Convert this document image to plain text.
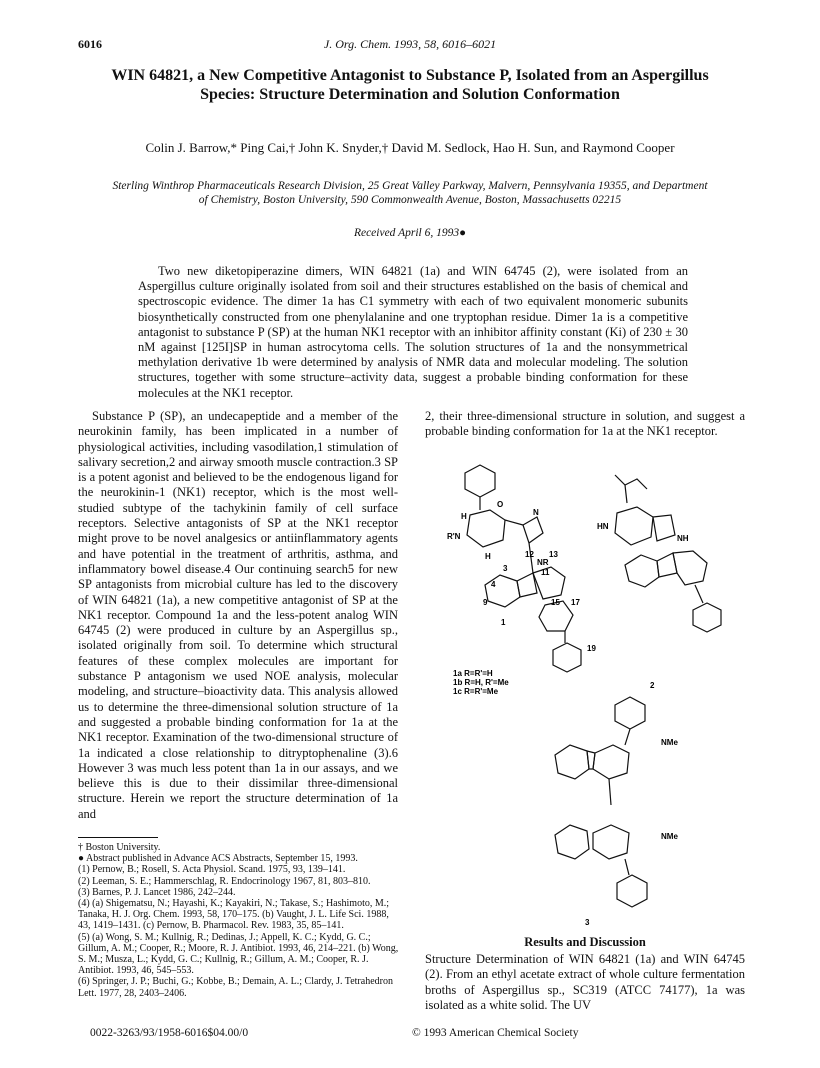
6016	J. Org. Chem. 1993, 58, 6016–6021
WIN 64821, a New Competitive Antagonist to Substance P, Isolated from an Aspergillus Species: Structure Determination and Solution Conformation
Colin J. Barrow,* Ping Cai,† John K. Snyder,† David M. Sedlock, Hao H. Sun, and Raymond Cooper
Sterling Winthrop Pharmaceuticals Research Division, 25 Great Valley Parkway, Malvern, Pennsylvania 19355, and Department of Chemistry, Boston University, 590 Commonwealth Avenue, Boston, Massachusetts 02215
Received April 6, 1993●
Two new diketopiperazine dimers, WIN 64821 (1a) and WIN 64745 (2), were isolated from an Aspergillus culture originally isolated from soil and their structures established on the basis of chemical and spectroscopic evidence. The dimer 1a has C1 symmetry with each of two equivalent monomeric subunits biosynthetically constructed from one phenylalanine and one tryptophan residue. Dimer 1a is a competitive antagonist to substance P (SP) at the human NK1 receptor with an inhibitor affinity constant (Ki) of 230 ± 30 nM against [125I]SP in human astrocytoma cells. The solution structures of 1a and the nonsymmetrical methylation derivative 1b were determined by analysis of NMR data and molecular modeling. The solution structures, together with some structure–activity data, suggest a probable binding conformation for these molecules at the NK1 receptor.
Substance P (SP), an undecapeptide and a member of the neurokinin family, has been implicated in a number of physiological activities, including vasodilation,1 stimulation of salivary secretion,2 and airway smooth muscle contraction.3 SP is a potent agonist and believed to be the endogenous ligand for the neurokinin-1 (NK1) receptor, which is the most well-studied subtype of the tachykinin family of cell surface receptors. Selective antagonists of SP at the NK1 receptor might prove to be novel analgesics or antiinflammatory agents and have potential in the treatment of arthritis, asthma, and inflammatory bowel disease.4 Our continuing search5 for new SP antagonists from microbial culture has led to the discovery of WIN 64821 (1a), a new competitive antagonist of SP at the NK1 receptor. Compound 1a and the less-potent analog WIN 64745 (2) were produced in culture by an Aspergillus sp., isolated originally from soil. To determine which structural features of these complex molecules are important for substance P antagonism we used NOE analysis, molecular modeling, and structure–bioactivity data. This analysis allowed us to determine the three-dimensional solution structure of 1a and suggested a probable binding conformation for 1a at the NK1 receptor. Examination of the two-dimensional structure of 1a indicated a close relationship to ditryptophenaline (3).6 However 3 was much less potent than 1a in our assays, and we believe this is due to their dissimilar three-dimensional structure. Herein we report the structure determination of 1a and
2, their three-dimensional structure in solution, and suggest a probable binding conformation for 1a at the NK1 receptor.
1a R=R'=H
1b R=H, R'=Me
1c R=R'=Me
2
3
H
O
N
R'N
H
NR
12 13
11
15 17
19
3
4
9
1
HN
NH
NMe
NMe
† Boston University.
● Abstract published in Advance ACS Abstracts, September 15, 1993.
(1) Pernow, B.; Rosell, S. Acta Physiol. Scand. 1975, 93, 139–141.
(2) Leeman, S. E.; Hammerschlag, R. Endocrinology 1967, 81, 803–810.
(3) Barnes, P. J. Lancet 1986, 242–244.
(4) (a) Shigematsu, N.; Hayashi, K.; Kayakiri, N.; Takase, S.; Hashimoto, M.; Tanaka, H. J. Org. Chem. 1993, 58, 170–175. (b) Vaught, J. L. Life Sci. 1988, 43, 1419–1431. (c) Pernow, B. Pharmacol. Rev. 1983, 35, 85–141.
(5) (a) Wong, S. M.; Kullnig, R.; Dedinas, J.; Appell, K. C.; Kydd, G. C.; Gillum, A. M.; Cooper, R.; Moore, R. J. Antibiot. 1993, 46, 214–221. (b) Wong, S. M.; Musza, L.; Kydd, G. C.; Kullnig, R.; Gillum, A. M.; Cooper, R. J. Antibiot. 1993, 46, 545–553.
(6) Springer, J. P.; Buchi, G.; Kobbe, B.; Demain, A. L.; Clardy, J. Tetrahedron Lett. 1977, 28, 2403–2406.
Results and Discussion
Structure Determination of WIN 64821 (1a) and WIN 64745 (2). From an ethyl acetate extract of whole culture fermentation broths of Aspergillus sp., SC319 (ATCC 74177), 1a was isolated as a white solid. The UV
0022-3263/93/1958-6016$04.00/0	© 1993 American Chemical Society
